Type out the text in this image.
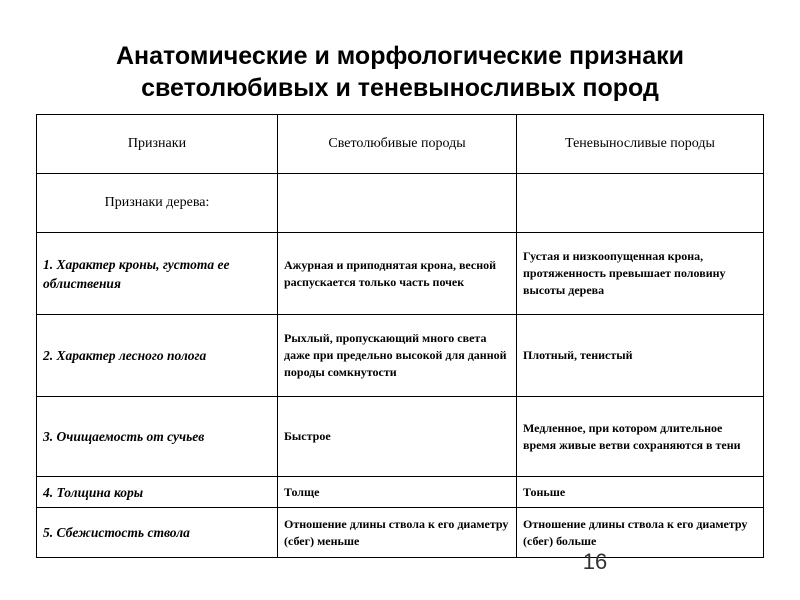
Анатомические и морфологические признаки
светолюбивых и теневыносливых пород
Признаки	Светолюбивые породы	Теневыносливые породы
Признаки дерева:		
1. Характер кроны, густота ее облиствения	Ажурная и приподнятая крона, весной распускается только часть почек	Густая и низкоопущенная крона, протяженность превышает половину высоты дерева
2. Характер лесного полога	Рыхлый, пропускающий много света даже при предельно высокой для данной породы сомкнутости	Плотный, тенистый
3. Очищаемость от сучьев	Быстрое	Медленное, при котором длительное время живые ветви сохраняются в тени
4. Толщина коры	Толще	Тоньше
5. Сбежистость ствола	Отношение длины ствола к его диаметру (сбег) меньше	Отношение длины ствола к его диаметру (сбег) больше
16
